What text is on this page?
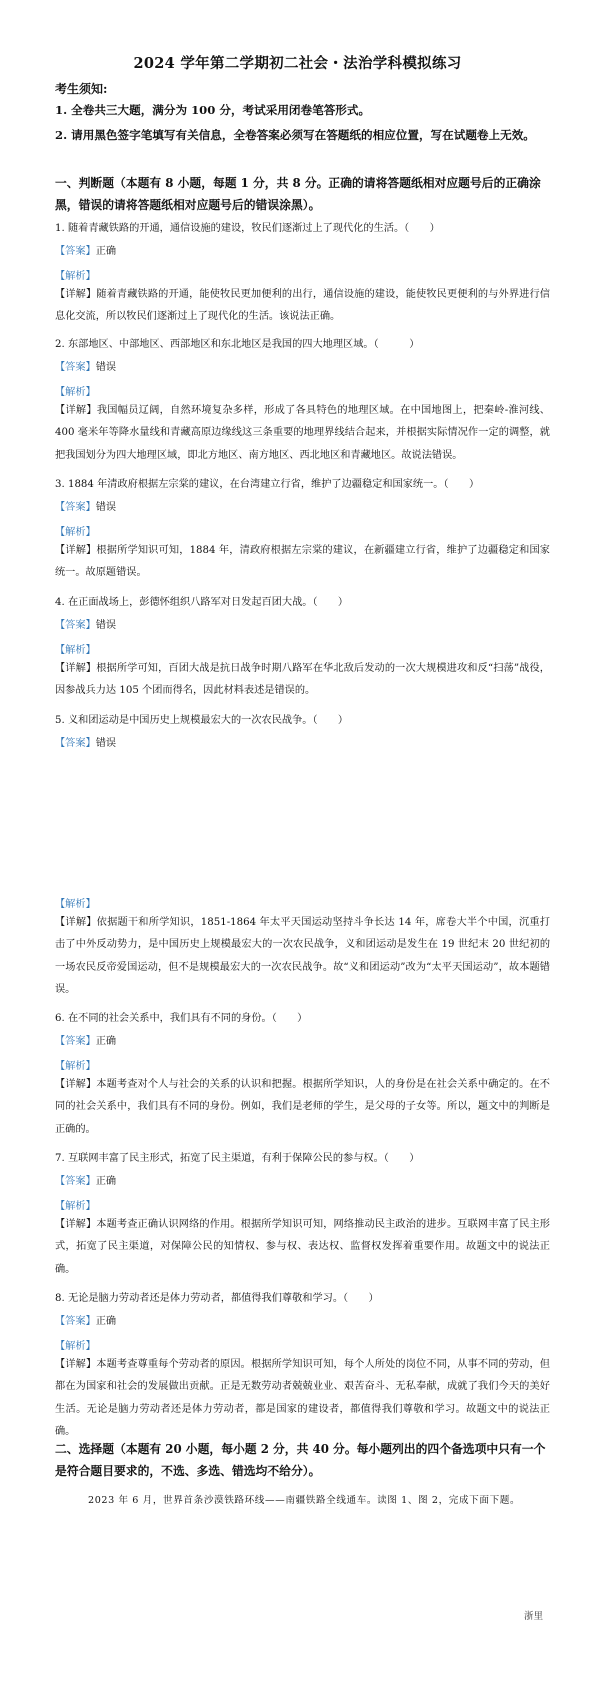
2024 学年第二学期初二社会・法治学科模拟练习
考生须知:
1. 全卷共三大题，满分为 100 分，考试采用闭卷笔答形式。
2. 请用黑色签字笔填写有关信息，全卷答案必须写在答题纸的相应位置，写在试题卷上无效。
一、判断题（本题有 8 小题，每题 1 分，共 8 分。正确的请将答题纸相对应题号后的正确涂黑，错误的请将答题纸相对应题号后的错误涂黑）。
1. 随着青藏铁路的开通，通信设施的建设，牧民们逐渐过上了现代化的生活。（　　）
【答案】正确
【解析】
【详解】随着青藏铁路的开通，能使牧民更加便利的出行，通信设施的建设，能使牧民更便利的与外界进行信息化交流，所以牧民们逐渐过上了现代化的生活。该说法正确。
2. 东部地区、中部地区、西部地区和东北地区是我国的四大地理区域。（　　　）
【答案】错误
【解析】
【详解】我国幅员辽阔，自然环境复杂多样，形成了各具特色的地理区域。在中国地图上，把秦岭-淮河线、400 毫米年等降水量线和青藏高原边缘线这三条重要的地理界线结合起来，并根据实际情况作一定的调整，就把我国划分为四大地理区域，即北方地区、南方地区、西北地区和青藏地区。故说法错误。
3. 1884 年清政府根据左宗棠的建议，在台湾建立行省，维护了边疆稳定和国家统一。（　　）
【答案】错误
【解析】
【详解】根据所学知识可知，1884 年，清政府根据左宗棠的建议，在新疆建立行省，维护了边疆稳定和国家统一。故原题错误。
4. 在正面战场上，彭德怀组织八路军对日发起百团大战。（　　）
【答案】错误
【解析】
【详解】根据所学可知，百团大战是抗日战争时期八路军在华北敌后发动的一次大规模进攻和反“扫荡”战役，因参战兵力达 105 个团而得名，因此材料表述是错误的。
5. 义和团运动是中国历史上规模最宏大的一次农民战争。（　　）
【答案】错误
【解析】
【详解】依据题干和所学知识，1851-1864 年太平天国运动坚持斗争长达 14 年，席卷大半个中国，沉重打击了中外反动势力，是中国历史上规模最宏大的一次农民战争，义和团运动是发生在 19 世纪末 20 世纪初的一场农民反帝爱国运动，但不是规模最宏大的一次农民战争。故“义和团运动”改为“太平天国运动”，故本题错误。
6. 在不同的社会关系中，我们具有不同的身份。（　　）
【答案】正确
【解析】
【详解】本题考查对个人与社会的关系的认识和把握。根据所学知识，人的身份是在社会关系中确定的。在不同的社会关系中，我们具有不同的身份。例如，我们是老师的学生，是父母的子女等。所以，题文中的判断是正确的。
7. 互联网丰富了民主形式，拓宽了民主渠道，有利于保障公民的参与权。（　　）
【答案】正确
【解析】
【详解】本题考查正确认识网络的作用。根据所学知识可知，网络推动民主政治的进步。互联网丰富了民主形式，拓宽了民主渠道，对保障公民的知情权、参与权、表达权、监督权发挥着重要作用。故题文中的说法正确。
8. 无论是脑力劳动者还是体力劳动者，都值得我们尊敬和学习。（　　）
【答案】正确
【解析】
【详解】本题考查尊重每个劳动者的原因。根据所学知识可知，每个人所处的岗位不同，从事不同的劳动，但都在为国家和社会的发展做出贡献。正是无数劳动者兢兢业业、艰苦奋斗、无私奉献，成就了我们今天的美好生活。无论是脑力劳动者还是体力劳动者，都是国家的建设者，都值得我们尊敬和学习。故题文中的说法正确。
二、选择题（本题有 20 小题，每小题 2 分，共 40 分。每小题列出的四个备选项中只有一个是符合题目要求的，不选、多选、错选均不给分）。
2023 年 6 月，世界首条沙漠铁路环线——南疆铁路全线通车。读图 1、图 2，完成下面下题。
浙里
